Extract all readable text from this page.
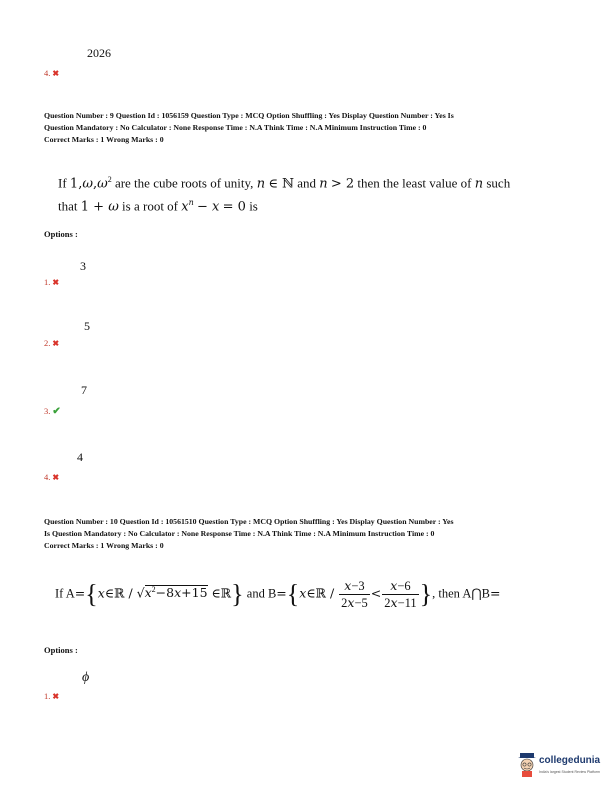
2026
4. ✖
Question Number : 9 Question Id : 1056159 Question Type : MCQ Option Shuffling : Yes Display Question Number : Yes Is
Question Mandatory : No Calculator : None Response Time : N.A Think Time : N.A Minimum Instruction Time : 0
Correct Marks : 1 Wrong Marks : 0
If $1,\omega,\omega^2$ are the cube roots of unity, n ∈ ℕ and n > 2 then the least value of n such
that 1 + ω is a root of $x^n - x = 0$ is
Options :
3
1. ✖
5
2. ✖
7
3. ✔
4
4. ✖
Question Number : 10 Question Id : 10561510 Question Type : MCQ Option Shuffling : Yes Display Question Number : Yes
Is Question Mandatory : No Calculator : None Response Time : N.A Think Time : N.A Minimum Instruction Time : 0
Correct Marks : 1 Wrong Marks : 0
If A={x∈ℝ / $√x^2-8x+15$ ∈ℝ} and B={x∈ℝ / $\frac{x-3}{2x-5} < \frac{x-6}{2x-11}$ }, then A⋂B=
Options :
ϕ
1. ✖
collegedunia
India's largest Student Review Platform
